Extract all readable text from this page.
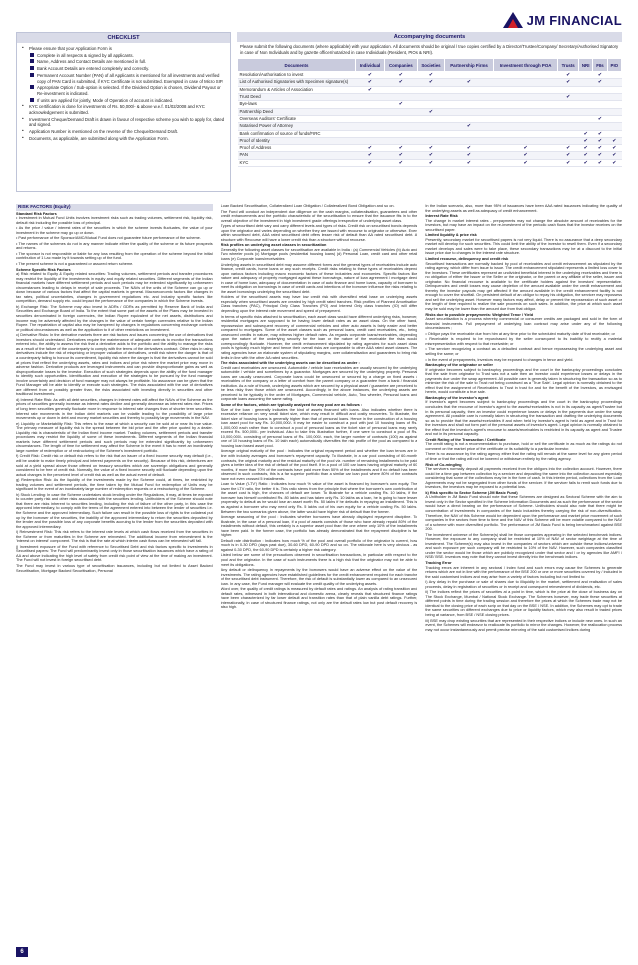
JM FINANCIAL
CHECKLIST
• Please ensure that your Application Form is
Complete in all respects & signed by all applicants.
Name, Address and Contact Details are mentioned in full.
Bank Account Details are entered completely and correctly.
Permanent Account Number (PAN) of all Applicants is mentioned for all investments and verified copy of PAN Card is submitted, if KYC Certificate is not submitted. Exempted in case of Micro SIP.
Appropriate Option / Sub-option is selected. If the Dividend Option is chosen, Dividend Payout or Re-investment is indicated.
If units are applied for jointly, Mode of Operation of account is indicated.
• KYC certification is done for investments of Rs. 50,000/- & above w.e.f. 01/02/2008 and KYC acknowledgement is submitted.
• Investment Cheque/Demand Draft is drawn in favour of respective scheme you wish to apply for, dated and signed.
• Application Number is mentioned on the reverse of the Cheque/Demand Draft.
• Documents, as applicable, are submitted along with the Application Form.
Accompanying documents
Please submit the following documents (where applicable) with your application. All documents should be original / true copies certified by a Director/Trustee/Company/ Secretary/Authorised Signatory in case of Non Individuals and by gazette officer/notarized in case Individuals (Resident, PIOs & NRI).
Documents	Individual	Companies	Societies	Partnership Firms	Investment through POA	Trusts	NRI	FIIs	PIO
Resolution/Authorisation to invest	✔	✔	✔			✔		✔	
List of Authorised Signatories with Specimen signature(s)	✔	✔	✔	✔		✔		✔	
Memorandum & Articles of Association	✔								
Trust Deed						✔			
Bye-laws		✔							
Partnership Deed			✔						
Overseas Auditors' Certificate								✔	
Notarised Power of Attorney				✔					
Bank confirmation of source of funds/FIRC							✔	✔	
Proof of Identity							✔	✔	✔
Proof of Address	✔	✔	✔	✔	✔	✔	✔	✔	✔
PAN	✔	✔	✔	✔	✔	✔	✔	✔	✔
KYC	✔	✔	✔	✔	✔	✔	✔	✔	✔
RISK FACTORS (Equity)
Standard Risk Factors

• Investment in Mutual Fund Units involves investment risks such as trading volumes, settlement risk, liquidity risk, default risk including the possible loss of principal.

• As the price / value / interest rates of the securities in which the scheme invests fluctuates, the value of your investment in the scheme may go up or down.

• Past performance of the Sponsor/AMC/Mutual Fund does not guarantee future performance of the scheme.

• The names of the schemes do not in any manner indicate either the quality of the scheme or its future prospects and returns.

• The sponsor is not responsible or liable for any loss resulting from the operation of the scheme beyond the initial contribution of 1 Lac made by it towards setting up of the fund.

• The present scheme is not a guaranteed or assured return scheme.

Scheme Specific Risk Factors

a) Risk related to Equity & Equity related securities: Trading volumes, settlement periods and transfer procedures may restrict the liquidity of the investments in equity and equity related securities. Different segments of the Indian financial markets have different settlement periods and such periods may be extended significantly by unforeseen circumstances leading to delays in receipt of sale proceeds. The NAVs of the units of the Scheme can go up or down because of various factors that affect the capital markets in general. Macroeconomic factors like changes in tax rates, political uncertainties, changes in government regulations etc. and industry specific factors like competition, demand supply etc. could impact the performance of the companies in which the Scheme invests.

b) Exchange Risk: The Scheme may also invest in ADRs / GDRs as permitted by Reserve Bank of India and Securities and Exchange Board of India. To the extent that some part of the assets of the Plans may be invested in securities denominated in foreign currencies, the Indian Rupee equivalent of the net assets, distributions and income may be adversely affected by the changes in the value of certain foreign currencies relative to the Indian Rupee. The repatriation of capital also may be hampered by changes in regulations concerning exchange controls or political circumstances as well as the application to it of other restrictions on investment.

c) Derivative Risks: In the derivative markets there are risk factors and issues concerning the use of derivatives that investors should understand. Derivatives require the maintenance of adequate controls to monitor the transactions entered into, the ability to assess the risk that a derivative adds to the portfolio and the ability to manage the risks as a result of the failure of the counterparty to comply with the terms of the derivatives contract. Other risks in using derivatives include the risk of mispricing or improper valuation of derivatives, credit risk where the danger is that of a counterparty failing to honour its commitment, liquidity risk where the danger is that the derivatives cannot be sold at prices that reflect the underlying assets, rates and indices and price risk where the market price may move in adverse fashion. Derivative products are leveraged instruments and can provide disproportionate gains as well as disproportionate losses to the investor. Execution of such strategies depends upon the ability of the fund manager to identify such opportunities. Identification and execution of the strategies to be pursued by the fund manager involve uncertainty and decision of fund manager may not always be profitable. No assurance can be given that the Fund Manager will be able to identify or execute such strategies. The risks associated with the use of derivatives are different from or possibly greater than, the risks associated with investing directly in securities and other traditional investments.

d) Interest Rate Risk: As with all debt securities, changes in interest rates will affect the NAVs of the Scheme as the prices of securities generally increase as interest rates decline and generally decrease as interest rates rise. Prices of long term securities generally fluctuate more in response to interest rate changes than of shorter term securities. Interest rate movements in the Indian debt markets can be volatile leading to the possibility of large price movements up or down in debt and money market securities and thereby to possibly large movements in the NAV.

e) Liquidity or Marketability Risk: This refers to the ease at which a security can be sold at or near its true value. The primary measure of liquidity risk is the spread between the bid price and the offer price quoted by a dealer. Liquidity risk is characteristic of the Indian fixed income market. Trading volumes, settlement periods and transfer procedures may restrict the liquidity of some of these investments. Different segments of the Indian financial markets have different settlement periods and such periods may be extended significantly by unforeseen circumstances. The length of time for settlement may affect the Scheme in the event it has to meet an inordinately large number of redemption or of restructuring of the Scheme's investment portfolio.

f) Credit Risk: Credit risk or default risk refers to the risk that an issuer of a fixed income security may default (i.e., will be unable to make timely principal and interest payments on the security). Because of this risk, debentures are sold at a yield spread above those offered on treasury securities which are sovereign obligations and generally considered to be free of credit risk. Normally, the value of a fixed income security will fluctuate depending upon the actual changes in the perceived level of credit risk as well as the actual event of default.

g) Redemption Risk: As the liquidity of the investments made by the Scheme could, at times, be restricted by trading volumes and settlement periods, the time taken by the Mutual Fund for redemption of Units may be significant in the event of an inordinately large number of redemption requests or a restructuring of the Scheme.

h) Stock Lending: In case the Scheme undertakes stock lending under the Regulations, it may, at times be exposed to counter party risk and other risks associated with the securities lending. Unitholders of the Scheme should note that there are risks inherent to securities lending, including the risk of failure of the other party, in this case the approved intermediary, to comply with the terms of the agreement entered into between the lender of securities i.e. the Scheme and the approved intermediary. Such failure can result in the possible loss of rights to the collateral put up by the borrower of the securities, the inability of the approved intermediary to return the securities deposited by the lender and the possible loss of any corporate benefits accruing to the lender from the securities deposited with the approved intermediary.

i) Reinvestment Risk: This risk refers to the interest rate levels at which cash flows received from the securities in the Scheme or from maturities in the Scheme are reinvested. The additional income from reinvestment is the 'interest on interest' component. The risk is that the rate at which interim cash flows can be reinvested will fall.

j) Investment exposure of the Fund with reference to Securitised Debt and risk factors specific to investments in Securitised papers: The Fund will predominantly invest only in those securitisation issuances which have a rating of AA and above indicating the high level of safety from credit risk point of view at the time of making an investment. The Fund will not invest in foreign securitised debt.

The Fund may invest in various type of securitisation issuances, including but not limited to Asset Backed Securitisation, Mortgage Backed Securitisation, Personal

Loan Backed Securitisation, Collateralized Loan Obligation / Collateralized Bond Obligation and so on.

The Fund will conduct an independent due diligence on the cash margins, collateralisation, guarantees and other credit enhancements and the portfolio characteristic of the securitisation to ensure that the issuance fits in to the overall objective of the investment in high investment grade offerings irrespective of underlying asset class.

Types of securitised debt vary and carry different levels and types of risks. Credit risk on securitised bonds depends upon the originator and varies depending on whether they are issued with recourse to originator or otherwise. Even within securitised debt, AAA rated securitised debt offers lesser risk of default than AA rated securitised debt. A structure with Recourse will have a lower credit risk than a structure without recourse.

Risk profiles on underlying asset classes in securitization

Generally the following asset classes for securitisation are available in India : (a) Commercial Vehicles (b) Auto and Two wheeler pools (c) Mortgage pools (residential housing loans) (d) Personal Loan, credit card and other retail loans (e) Corporate loans/receivables

Underlying assets in securitised debt may assume different forms and the general types of receivables include auto finance, credit cards, home loans or any such receipts. Credit risks relating to these types of receivables depend upon various factors including macro economic factors of these industries and economies. Specific factors like nature and adequacy of property mortgaged against these borrowings, nature of loan agreement / mortgage deed in case of home loan, adequacy of documentation in case of auto finance and home loans, capacity of borrower to meet its obligation on borrowings in case of credit cards and intentions of the borrower influence the risks relating to the asset borrowings underlying the securitised debt.

Holders of the securitised assets may have low credit risk with diversified retail base on underlying assets especially when securitised assets are created by high credit rated tranches. Risk profiles of Planned Amortisation Class tranches (PAC), Principal Only Class Tranches (PO) and Interest Only class tranches (IO) will differ depending upon the interest rate movement and speed of prepayment.

In terms of specific risks attached to securitisation, each asset class would have different underlying risks, however, residential mortgages are supposed to be having lower default rates as an asset class. On the other hand, repossession and subsequent recovery of commercial vehicles and other auto assets is fairly easier and better compared to mortgages. Some of the asset classes such as personal loans, credit card receivables, etc., being unsecured credits in nature, may witness higher default rates. As regards corporate loans/receivables, depending upon the nature of the underlying security for the loan or the nature of the receivable the risks would correspondingly fluctuate. However, the credit enhancement stipulated by rating agencies for such asset class pools is typically much higher and hence their overall risks are comparable to other AAA rated asset classes. The rating agencies have an elaborate system of stipulating margins, over collateralisation and guarantees to bring risk limits in line with the other AA rated securities.

The risks associated with the underlying assets can be described as under :

Credit card receivables are unsecured. Automobile / vehicle loan receivables are usually secured by the underlying automobile / vehicle and sometimes by a guarantor. Mortgages are secured by the underlying property. Personal loans are usually unsecured. Corporate loans could be unsecured or secured by a charge on fixed assets / receivables of the company or a letter of comfort from the parent company or a guarantee from a bank / financial institution. As a rule of thumb, underlying assets which are secured by a physical asset / guarantee are perceived to be less risky than those which are unsecured. Accordingly, in the above instances, the underlying assets are perceived to be typically in the order of Mortgages, Commercial vehicle, Auto, Two wheeler, Personal loans and corporate loans assuming the same rating.

Some of the factors, which are typically analyzed for any pool are as follows :

Size of the loan : generally indicates the kind of assets financed with loans. Also indicates whether there is excessive reliance on very small ticket size, which may result in difficult and costly recoveries. To illustrate, the ticket size of housing loans is generally higher than that of personal loans. Hence in the construction of a housing loan asset pool for say Rs. 10,000,000/- it may be easier to construct a pool with just 10 housing loans of Rs. 1,000,000 each rather than to construct a pool of personal loans as the ticket size of personal loans may rarely exceed Rs. 500,000/- per individual. Also to take this illustration further, if one were to construct a pool of Rs. 10,000,000/- consisting of personal loans of Rs. 100,000/- each, the larger number of contracts (100) as against one of 10 housing loans of Rs. 10 lakh each) automatically diversifies the risk profile of the pool as compared to a housing loan based asset pool.

Average original maturity of the pool : indicates the original repayment period and whether the loan tenors are in line with industry averages and borrower's repayment capacity. To illustrate, in a car pool consisting of 60-month contracts, the original maturity and the residual maturity of the pool viz. number of remaining installments to be paid gives a better idea of the risk of default of the pool itself. If in a pool of 100 car loans having original maturity of 60 months, if more than 70% of the contracts have paid more than 50% of the installments and if no default has been observed in such contracts, this is a far superior portfolio than a similar car loan pool where 80% of the contracts have not even crossed 5 installments.

Loan to Value ('LTV') Ratio : Indicates how much % value of the asset is financed by borrower's own equity. The lower the LTV ratio, the better it is. This ratio stems from the principle that where the borrower's own contribution of the asset cost is high, the chances of default are lower. To illustrate for a vehicle costing Rs. 10 lakhs, if the borrower has himself contributed Rs. 80 lakhs and has taken only Rs. 10 lakhs as a loan, he is going to have lesser propensity to default as he would lose an asset worth Rs. 50 lakhs if he defaults in repaying an installment. This is as against a borrower who may need only Rs. 5 lakhs out of his own equity for a vehicle costing Rs. 50 lakhs. Between the two scenarios given above, the latter would have higher risk of default than the former.

Average seasoning of the pool : Indicates whether borrowers have already displayed repayment discipline. To illustrate, in the case of a personal loan, if a pool of assets consists of those who have already repaid 80% of the installments without default, this certainly is a superior asset pool than the one where only 10% of the installments have been paid. In the former case, the portfolio has already demonstrated that the repayment discipline is far higher.

Default rate distribution : Indicates how much % of the pool and overall portfolio of the originator is current, how much is in 0-30 DPD (days past due), 30-60 DPD, 60-90 DPD and so on. The rationale here is very obvious - as against 0-30 DPD, the 60-90 DPD is certainly a higher risk category.

Listed below are some of the precautions observed in securitisation transactions, in particular with respect to the pool and the originator. In the case of such instruments there is a high risk that the originator may not be able to meet its obligations.

Any default or delinquency in repayments by the borrowers would have an adverse effect on the value of the investments. The rating agencies have established guidelines for the credit enhancement required for each tranche of the securitised debt instrument. Therefore, the risk of default is substantially lower as compared to an unsecured loan. In any case, the Fund manager will evaluate the credit quality of the underlying assets.

Word over, the quality of credit ratings is measured by default rates and ratings. An analysis of rating transition and default rates, witnessed in both international and domestic arena, clearly reveals that structured finance ratings have been characterized by far lower default and transition rates than that of plain vanilla debt ratings. Further, internationally, in case of structured finance ratings, not only are the default rates low but post default recovery is also high.

In the Indian scenario, also, more than 95% of issuances have been AAA rated issuances indicating the quality of the underlying assets as well as adequacy of credit enhancement.

Interest Rate Risk

The change in market interest rates - prepayments may not change the absolute amount of receivables for the investors, but may have an impact on the re-investment of the periodic cash flows that the investor receives on the securitised paper.

Limited liquidity & price risk

Presently, secondary market for securitised papers is not very liquid. There is no assurance that a deep secondary market will develop for such securities. This could limit the ability of the investor to resell them. Even if a secondary market develops and sales were to take place, these secondary transactions may be at a discount to the initial issue price due to changes in the interest rate structure.

Limited recourse, delinquency and credit risk

Securitised transactions are normally backed by pool of receivables and credit enhancement as stipulated by the rating agency, which differ from issue to issue. The credit enhancement stipulated represents a limited loss cover to the Investors. These certificates represent an undivided beneficial interest in the underlying receivables and there is no obligation of either the Issuer or the Seller or the originator, or the parent or any affiliate of the seller, issuer and originator. No financial recourse is available to the certificate holders against the investors' representative. Delinquencies and credit losses may cause depletion of the amount available under the credit enhancement and thereby the investor payouts may get affected if the amount available in the credit enhancement facility is not enough to cover the shortfall. On persistent default of an obligor to repay his obligation, the servicer may repossess and sell the underlying asset. However many factors may affect, delay or prevent the repossession of such asset or the length of time required to realize the sale proceeds on such sales. In addition, the price at which such asset may be sold may be lower than the amount due from that obligor.

Risks due to possible prepayments: Weighted Tenor / Yield

Asset securitisation is a process whereby commercial or consumer credits are packaged and sold in the form of financial instruments. Full prepayment of underlying loan contract may arise under any of the following circumstances ;

• Obligor pays the receivable due from him at any time prior to the scheduled maturity date of that receivable; or

• Receivable is required to be repurchased by the seller consequent to its inability to rectify a material misrepresentation with respect to that receivable; or

• The servicer recognizing a contract as a defaulted contract and hence repossessing the underlying asset and selling the same; or

• In the event of prepayments, investors may be exposed to changes in tenor and yield.

Bankruptcy of the originator or seller

If originator becomes subject to bankruptcy proceedings and the court in the bankruptcy proceedings concludes that the sale from originator to Trust was not a sale then an investor could experience losses or delays in the payments due under the swap agreement. All possible care is generally taken in structuring the transaction so as to minimize the risk of the sale to Trust not being construed as a 'True Sale'. Legal opinion is normally obtained to the effect that the assignment of Receivables to Trust in trust for and for the benefit of the Investors, as envisaged herein, would constitute a true sale.

Bankruptcy of the investor's agent

If investor's agent becomes subject to bankruptcy proceedings and the court in the bankruptcy proceedings concludes that the recourse of investor's agent to the assets/receivables is not in its capacity as agent/Trustee but in its personal capacity, then an investor could experience losses or delays in the payments due under the swap agreement. All possible care is normally taken in structuring the transaction and drafting the underlying documents so as to provide that the assets/receivables if and when held by investor's agent is held as agent and in Trust for the investors and shall not form part of the personal assets of investor's agent. Legal opinion is normally obtained to the effect that the investor's agent's recourse to assets/receivables is restricted in its capacity as agent and Trustee and not in its personal capacity.

Credit Rating of the Transaction / Certificate

The credit rating is not a recommendation to purchase, hold or sell the certificate in as much as the ratings do not comment on the market price of the certificate or its suitability to a particular investor.

There is no assurance by the rating agency either that the rating will remain at the same level for any given period of time or that the rating will not be lowered or withdrawn entirely by the rating agency.

Risk of Co-mingling

The servicers normally deposit all payments received from the obligors into the collection account. However, there could be a time gap between collection by a servicer and depositing the same into the collection account especially considering that some of the collections may be in the form of cash. In this interim period, collections from the Loan Agreements may not be segregated from other funds of the servicer. If the servicer fails to remit such funds due to investors, the investors may be exposed to a potential loss.

k) Risk specific to Sector Scheme (JM Basic Fund)

A Unitholder in JM Basic Fund should note that these Schemes are designed as Sectoral Scheme with the aim to invest only in the Sector specified in the Scheme Information Documents and as such the performance of the sector would have a direct bearing on the performance of Scheme. Unitholders should also note that there might be concentration of investments in companies of the basic industries thereby carrying the risk of non-diversification. Therefore, the NAV of this Scheme would be dependent upon the performance and market price movement of such companies in the sectors from time to time and the NAV of this Scheme will be more volatile compared to the NAV of a scheme with more diversified portfolio. The performance of JM Basic Fund is being benchmarked against BSE 200.

The investment universe of the Scheme(s) shall be those companies appearing in the selected benchmark indices. However, the exposure to any company shall be restricted at 10% of NAV of sector weightage at the time of investment. The Scheme(s) may also invest in the companies of sectors which are outside these indices/universe and such exposure per such company will be restricted to 10% of the NAV. However, such companies classified under the sector would be those which are publicly recognized under that sector and / or by agencies like AMFI / NSE/ BSE. Investors may note that they cannot invest directly into the benchmark indices.

Tracking Error

Tracking errors are inherent in any sectoral / index fund and such errors may cause the Schemes to generate returns which are not in line with the performance of the BSE 200 or one or more securities covered by / included in the said customised indices and may arise from a variety of factors including but not limited to:

i) Any delay in the purchase or sale of shares due to illiquidity in the market, settlement and realisation of sales proceeds, delay in registration of securities or in receipt and consequent reinvestment of dividends, etc.

ii) The indices reflect the prices of securities at a point in time, which is the price at the close of business day on The Stock Exchange, Mumbai / National Stock Exchange. The Schemes however, may trade these securities at different points in time during the trading session and therefore the prices at which the Schemes trade may not be identical to the closing price of each scrip on that day on the BSE / NSE. In addition, the Schemes may opt to trade the same securities on different exchanges due to price or liquidity factors, which may also result in traded prices being at variance, from BSE / NSE closing prices.

iii) BSE may drop existing securities that are represented in their respective indices or include new ones. In such an event, the Schemes will endeavor to reallocate its portfolio to mirror the changes. However, the reallocation process may not occur instantaneously and permit precise mirroring of the said customised indices during

6
